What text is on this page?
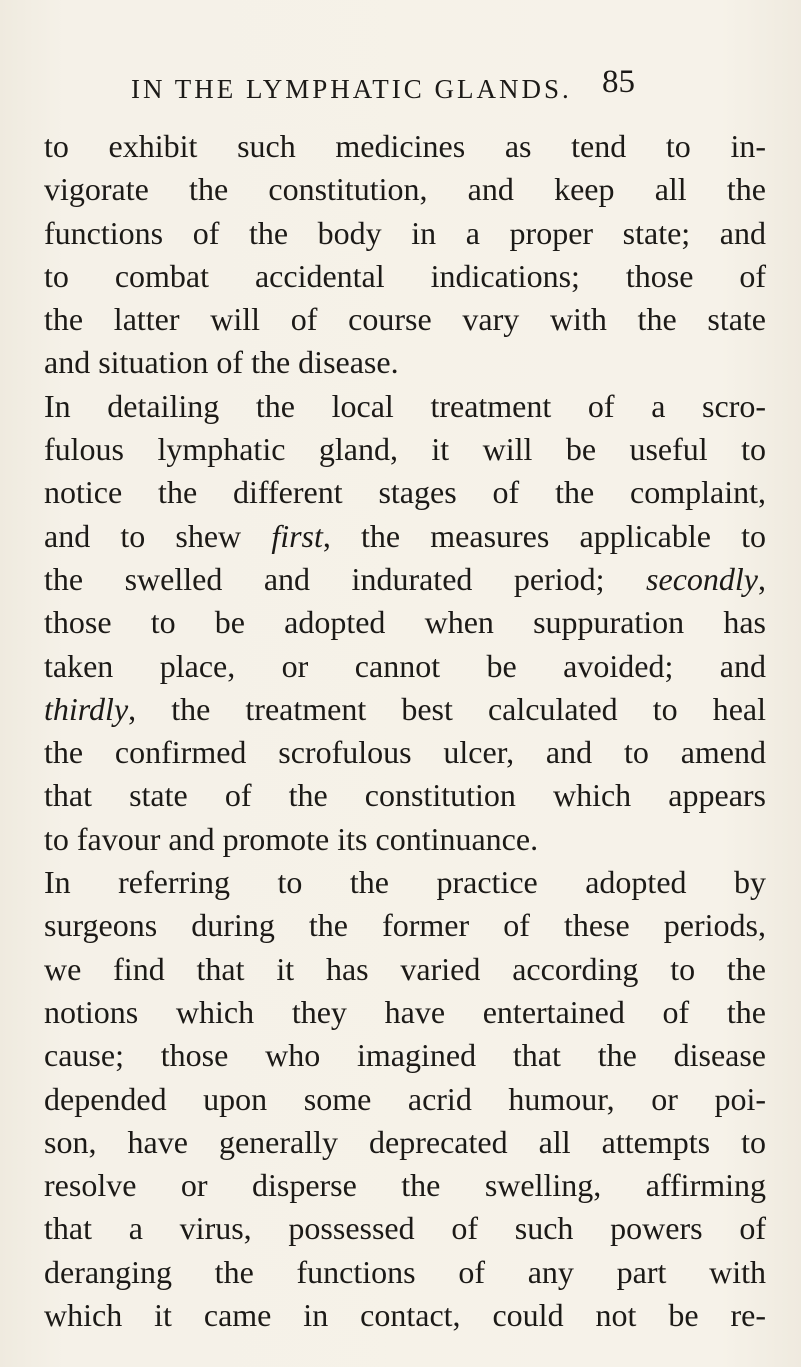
IN THE LYMPHATIC GLANDS. 85
to exhibit such medicines as tend to in-
vigorate the constitution, and keep all the
functions of the body in a proper state; and
to combat accidental indications; those of
the latter will of course vary with the state
and situation of the disease.
In detailing the local treatment of a scro-
fulous lymphatic gland, it will be useful to
notice the different stages of the complaint,
and to shew first, the measures applicable to
the swelled and indurated period; secondly,
those to be adopted when suppuration has
taken place, or cannot be avoided; and
thirdly, the treatment best calculated to heal
the confirmed scrofulous ulcer, and to amend
that state of the constitution which appears
to favour and promote its continuance.
In referring to the practice adopted by
surgeons during the former of these periods,
we find that it has varied according to the
notions which they have entertained of the
cause; those who imagined that the disease
depended upon some acrid humour, or poi-
son, have generally deprecated all attempts to
resolve or disperse the swelling, affirming
that a virus, possessed of such powers of
deranging the functions of any part with
which it came in contact, could not be re-
